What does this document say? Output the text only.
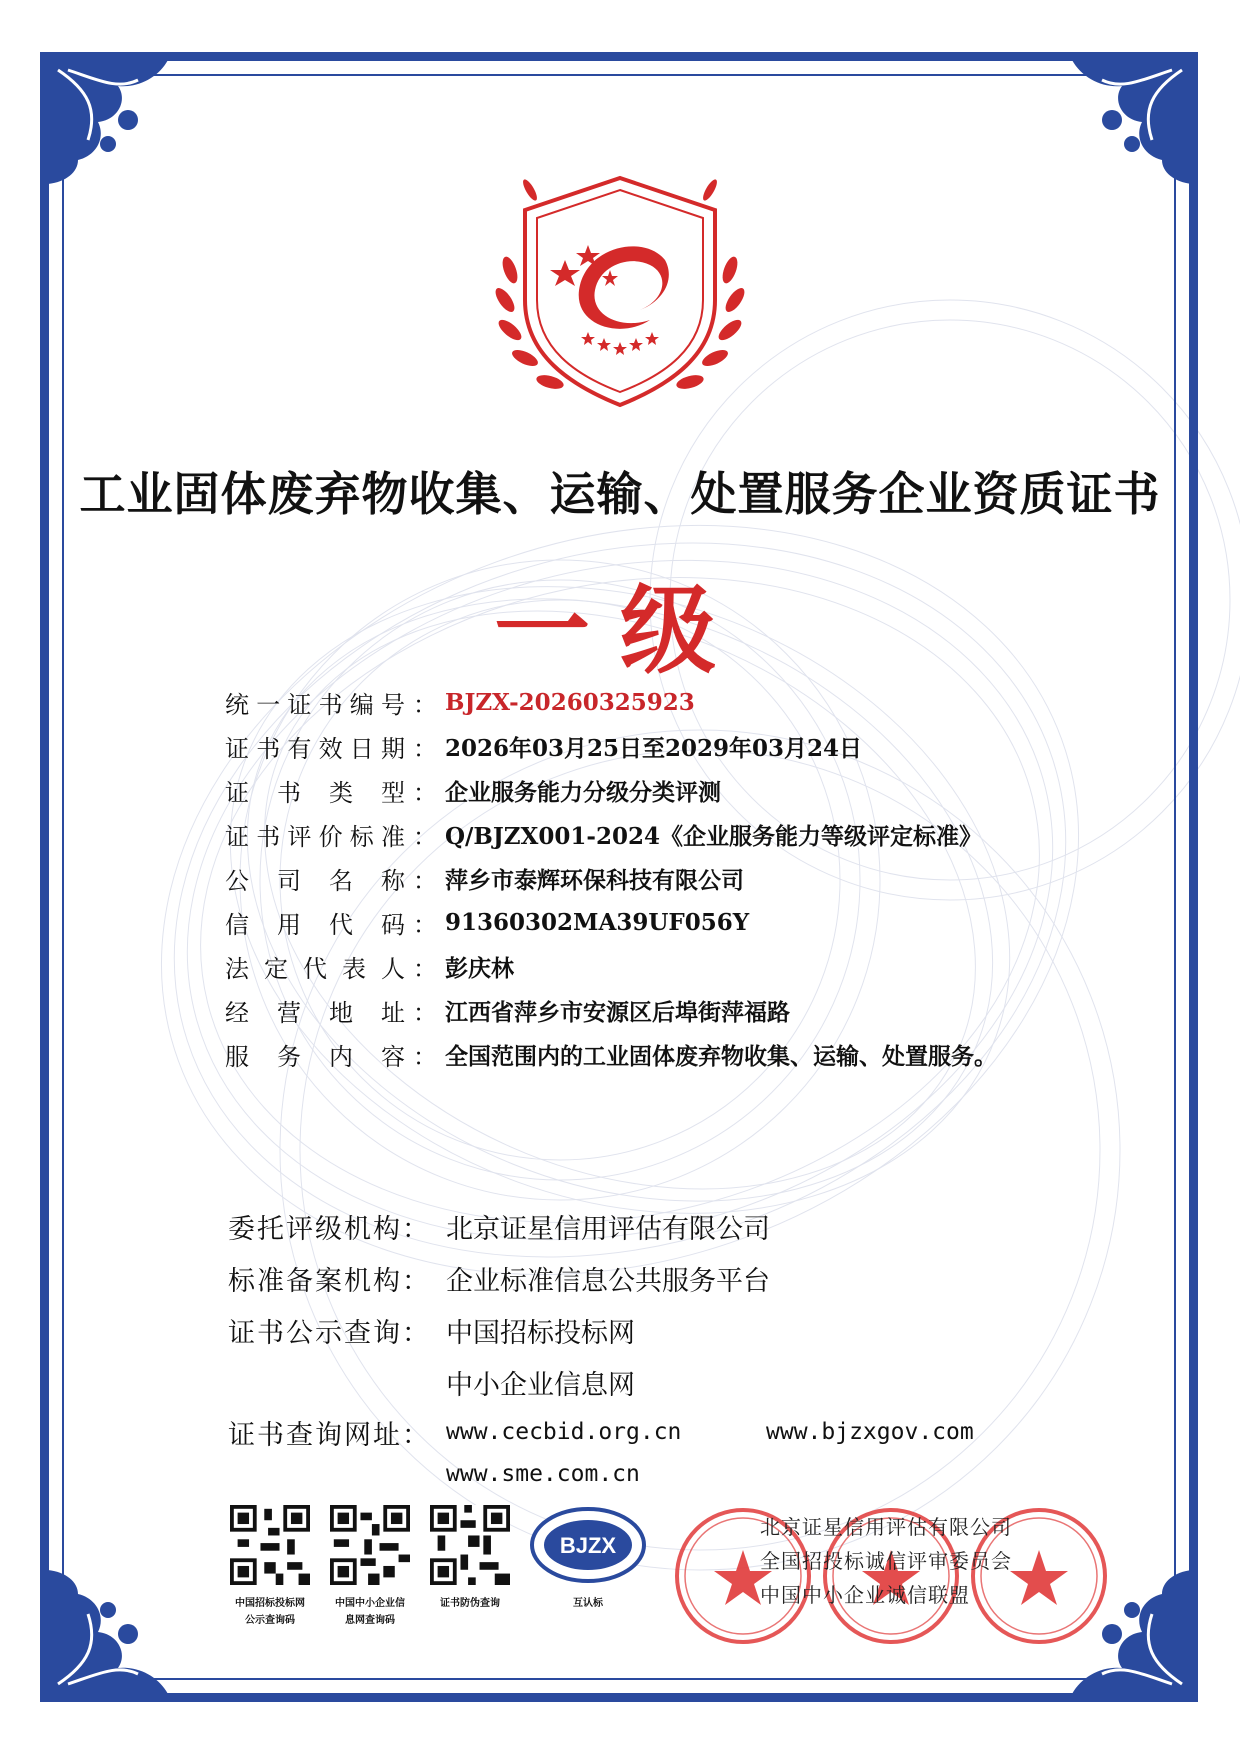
工业固体废弃物收集、运输、处置服务企业资质证书
一级
统 一 证 书 编 号 ： BJZX-20260325923
证 书 有 效 日 期 ： 2026年03月25日至2029年03月24日
证 书 类 型 ： 企业服务能力分级分类评测
证 书 评 价 标 准 ： Q/BJZX001-2024《企业服务能力等级评定标准》
公 司 名 称 ： 萍乡市泰辉环保科技有限公司
信 用 代 码 ： 91360302MA39UF056Y
法 定 代 表 人 ： 彭庆林
经 营 地 址 ： 江西省萍乡市安源区后埠街萍福路
服 务 内 容 ： 全国范围内的工业固体废弃物收集、运输、处置服务。
委托评级机构： 北京证星信用评估有限公司
标准备案机构： 企业标准信息公共服务平台
证书公示查询： 中国招标投标网
中小企业信息网
证书查询网址： www.cecbid.org.cn	www.bjzxgov.com
www.sme.com.cn
中国招标投标网
公示查询码
中国中小企业信
息网查询码
证书防伪查询
BJZX
互认标
北京证星信用评估有限公司
全国招投标诚信评审委员会
中国中小企业诚信联盟
